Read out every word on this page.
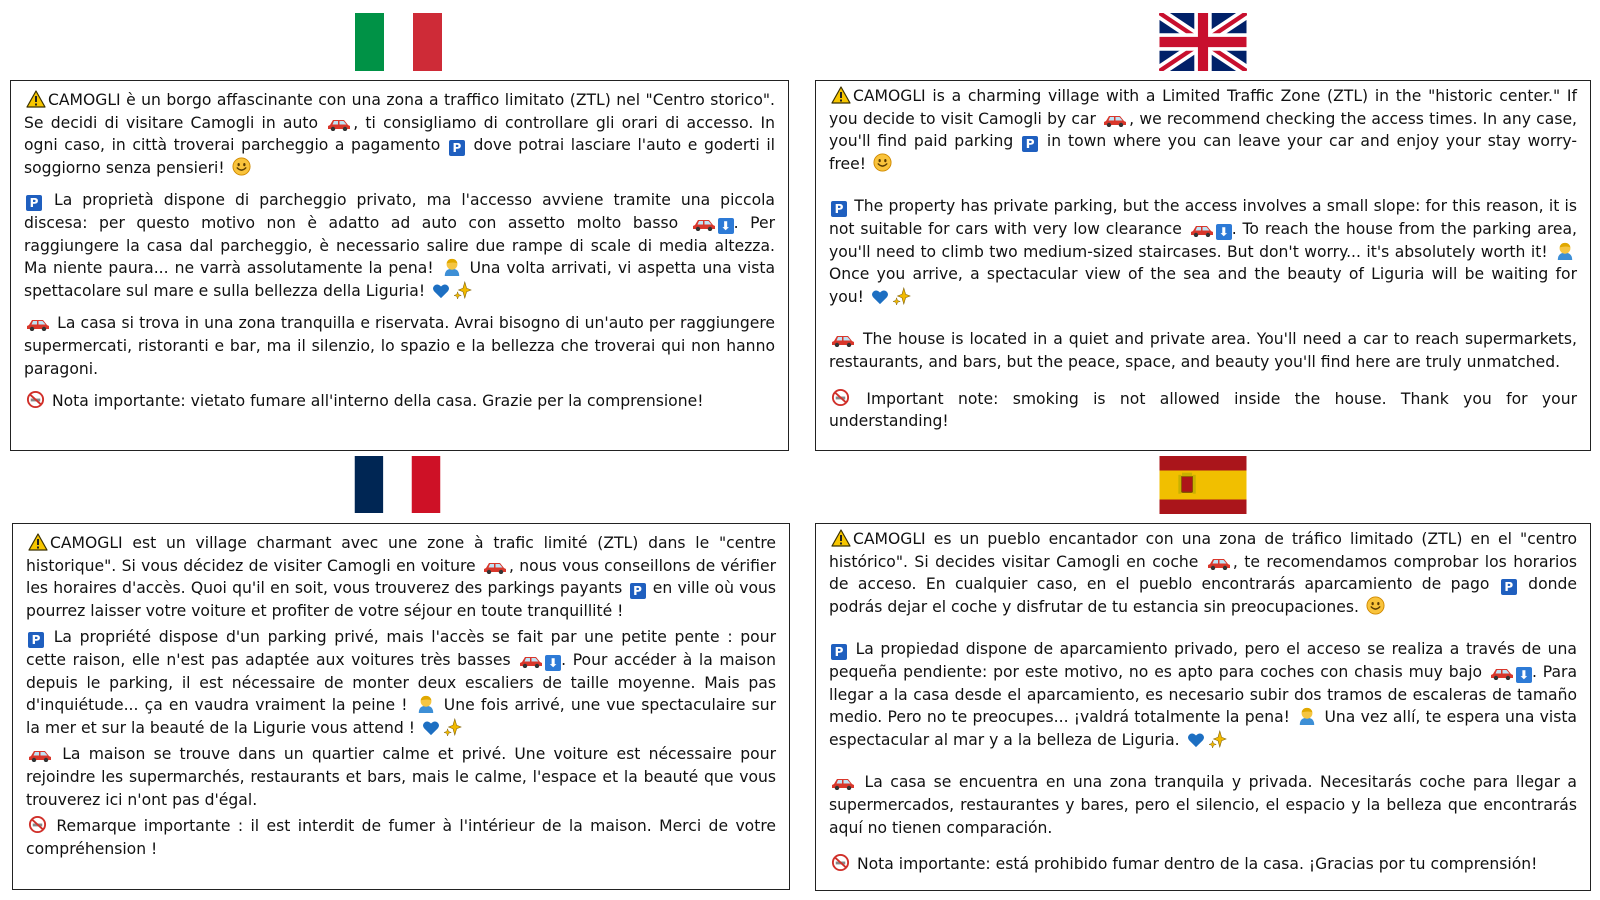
CAMOGLI è un borgo affascinante con una zona a traffico limitato (ZTL) nel "Centro storico". Se decidi di visitare Camogli in auto , ti consigliamo di controllare gli orari di accesso. In ogni caso, in città troverai parcheggio a pagamento P dove potrai lasciare l'auto e goderti il soggiorno senza pensieri!

P La proprietà dispone di parcheggio privato, ma l'accesso avviene tramite una piccola discesa: per questo motivo non è adatto ad auto con assetto molto basso	⬇ . Per raggiungere la casa dal parcheggio, è necessario salire due rampe di scale di media altezza. Ma niente paura... ne varrà assolutamente la pena!  Una volta arrivati, vi aspetta una vista spettacolare sul mare e sulla bellezza della Liguria!

La casa si trova in una zona tranquilla e riservata. Avrai bisogno di un'auto per raggiungere supermercati, ristoranti e bar, ma il silenzio, lo spazio e la bellezza che troverai qui non hanno paragoni.

Nota importante: vietato fumare all'interno della casa. Grazie per la comprensione!

CAMOGLI is a charming village with a Limited Traffic Zone (ZTL) in the "historic center." If you decide to visit Camogli by car , we recommend checking the access times. In any case, you'll find paid parking P in town where you can leave your car and enjoy your stay worry-free!

P The property has private parking, but the access involves a small slope: for this reason, it is not suitable for cars with very low clearance	⬇ . To reach the house from the parking area, you'll need to climb two medium-sized staircases. But don't worry... it's absolutely worth it!  Once you arrive, a spectacular view of the sea and the beauty of Liguria will be waiting for you!

The house is located in a quiet and private area. You'll need a car to reach supermarkets, restaurants, and bars, but the peace, space, and beauty you'll find here are truly unmatched.

Important note: smoking is not allowed inside the house. Thank you for your understanding!

CAMOGLI est un village charmant avec une zone à trafic limité (ZTL) dans le "centre historique". Si vous décidez de visiter Camogli en voiture , nous vous conseillons de vérifier les horaires d'accès. Quoi qu'il en soit, vous trouverez des parkings payants P en ville où vous pourrez laisser votre voiture et profiter de votre séjour en toute tranquillité !

P La propriété dispose d'un parking privé, mais l'accès se fait par une petite pente : pour cette raison, elle n'est pas adaptée aux voitures très basses	⬇ . Pour accéder à la maison depuis le parking, il est nécessaire de monter deux escaliers de taille moyenne. Mais pas d'inquiétude... ça en vaudra vraiment la peine !  Une fois arrivé, une vue spectaculaire sur la mer et sur la beauté de la Ligurie vous attend !

La maison se trouve dans un quartier calme et privé. Une voiture est nécessaire pour rejoindre les supermarchés, restaurants et bars, mais le calme, l'espace et la beauté que vous trouverez ici n'ont pas d'égal.

Remarque importante : il est interdit de fumer à l'intérieur de la maison. Merci de votre compréhension !

CAMOGLI es un pueblo encantador con una zona de tráfico limitado (ZTL) en el "centro histórico". Si decides visitar Camogli en coche , te recomendamos comprobar los horarios de acceso. En cualquier caso, en el pueblo encontrarás aparcamiento de pago P donde podrás dejar el coche y disfrutar de tu estancia sin preocupaciones.

P La propiedad dispone de aparcamiento privado, pero el acceso se realiza a través de una pequeña pendiente: por este motivo, no es apto para coches con chasis muy bajo	⬇ . Para llegar a la casa desde el aparcamiento, es necesario subir dos tramos de escaleras de tamaño medio. Pero no te preocupes... ¡valdrá totalmente la pena!  Una vez allí, te espera una vista espectacular al mar y a la belleza de Liguria.

La casa se encuentra en una zona tranquila y privada. Necesitarás coche para llegar a supermercados, restaurantes y bares, pero el silencio, el espacio y la belleza que encontrarás aquí no tienen comparación.

Nota importante: está prohibido fumar dentro de la casa. ¡Gracias por tu comprensión!
